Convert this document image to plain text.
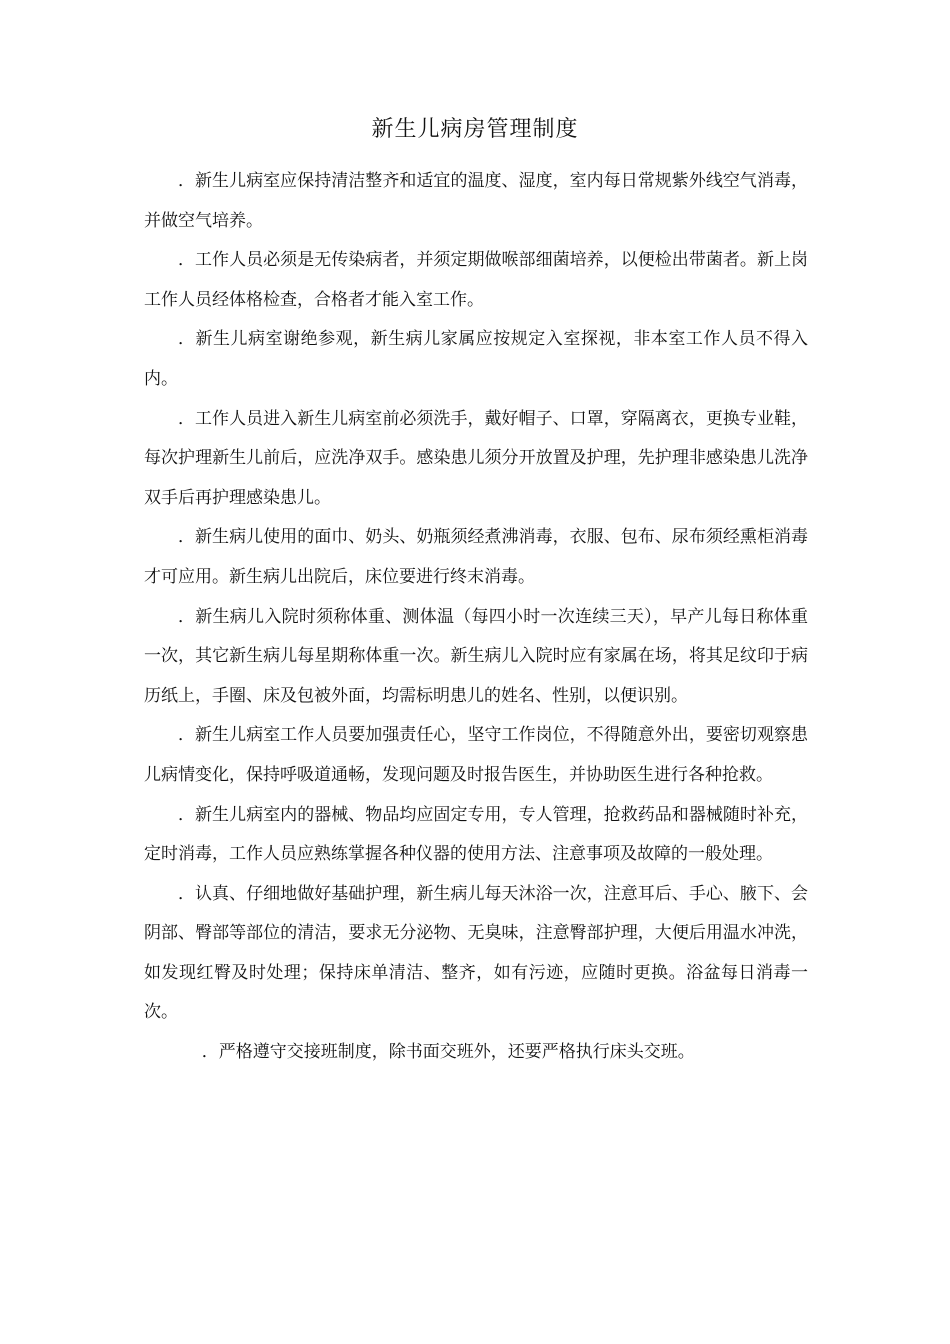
新生儿病房管理制度

．新生儿病室应保持清洁整齐和适宜的温度、湿度，室内每日常规紫外线空气消毒，并做空气培养。

．工作人员必须是无传染病者，并须定期做喉部细菌培养，以便检出带菌者。新上岗工作人员经体格检查，合格者才能入室工作。

．新生儿病室谢绝参观，新生病儿家属应按规定入室探视，非本室工作人员不得入内。

．工作人员进入新生儿病室前必须洗手，戴好帽子、口罩，穿隔离衣，更换专业鞋，每次护理新生儿前后，应洗净双手。感染患儿须分开放置及护理，先护理非感染患儿洗净双手后再护理感染患儿。

．新生病儿使用的面巾、奶头、奶瓶须经煮沸消毒，衣服、包布、尿布须经熏柜消毒才可应用。新生病儿出院后，床位要进行终末消毒。

．新生病儿入院时须称体重、测体温（每四小时一次连续三天），早产儿每日称体重一次，其它新生病儿每星期称体重一次。新生病儿入院时应有家属在场，将其足纹印于病历纸上，手圈、床及包被外面，均需标明患儿的姓名、性别，以便识别。

．新生儿病室工作人员要加强责任心，坚守工作岗位，不得随意外出，要密切观察患儿病情变化，保持呼吸道通畅，发现问题及时报告医生，并协助医生进行各种抢救。

．新生儿病室内的器械、物品均应固定专用，专人管理，抢救药品和器械随时补充，定时消毒，工作人员应熟练掌握各种仪器的使用方法、注意事项及故障的一般处理。

．认真、仔细地做好基础护理，新生病儿每天沐浴一次，注意耳后、手心、腋下、会阴部、臀部等部位的清洁，要求无分泌物、无臭味，注意臀部护理，大便后用温水冲洗，如发现红臀及时处理；保持床单清洁、整齐，如有污迹，应随时更换。浴盆每日消毒一次。

．严格遵守交接班制度，除书面交班外，还要严格执行床头交班。
